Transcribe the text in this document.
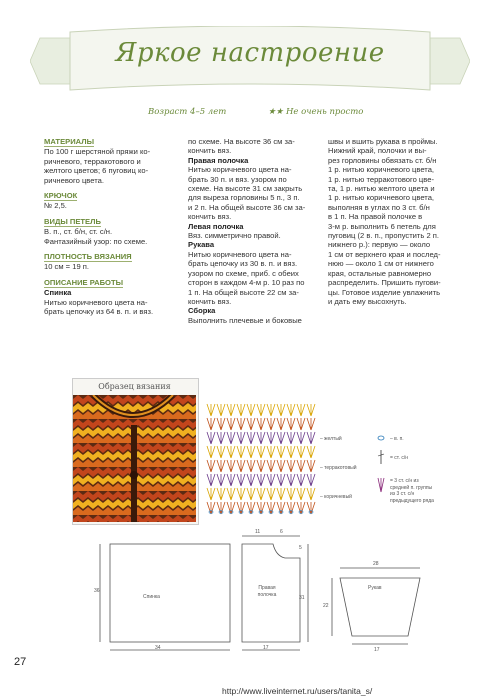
Яркое настроение
Возраст 4–5 лет	★★ Не очень просто
МАТЕРИАЛЫ

По 100 г шерстяной пряжи ко-
ричневого, терракотового и
желтого цветов; 6 пуговиц ко-
ричневого цвета.
КРЮЧОК

№ 2,5.
ВИДЫ ПЕТЕЛЬ

В. п., ст. б/н, ст. с/н.
Фантазийный узор: по схеме.
ПЛОТНОСТЬ ВЯЗАНИЯ

10 см = 19 п.
ОПИСАНИЕ РАБОТЫ

Спинка
Нитью коричневого цвета на-
брать цепочку из 64 в. п. и вяз.
по схеме. На высоте 36 см за-
кончить вяз.
Правая полочка
Нитью коричневого цвета на-
брать 30 п. и вяз. узором по
схеме. На высоте 31 см закрыть
для выреза горловины 5 п., 3 п.
и 2 п. На общей высоте 36 см за-
кончить вяз.
Левая полочка
Вяз. симметрично правой.
Рукава
Нитью коричневого цвета на-
брать цепочку из 30 в. п. и вяз.
узором по схеме, приб. с обеих
сторон в каждом 4-м р. 10 раз по
1 п. На общей высоте 22 см за-
кончить вяз.
Сборка
Выполнить плечевые и боковые
швы и вшить рукава в проймы.
Нижний край, полочки и вы-
рез горловины обвязать ст. б/н
1 р. нитью коричневого цвета,
1 р. нитью терракотового цве-
та, 1 р. нитью желтого цвета и
1 р. нитью коричневого цвета,
выполняя в углах по 3 ст. б/н
в 1 п. На правой полочке в
3-м р. выполнить 6 петель для
пуговиц (2 в. п., пропустить 2 п.
нижнего р.): первую — около
1 см от верхнего края и послед-
нюю — около 1 см от нижнего
края, остальные равномерно
распределить. Пришить пугови-
цы. Готовое изделие увлажнить
и дать ему высохнуть.
Образец вязания
– желтый
– терракотовый
– коричневый
– в. п.
= ст. с/н
= 3 ст. с/н из средней п. группы из 3 ст. с/н предыдущего ряда
Спинка
36
34
Правая полочка
11	6
31
5
17
Рукав
28
22
17
27
http://www.liveinternet.ru/users/tanita_s/
